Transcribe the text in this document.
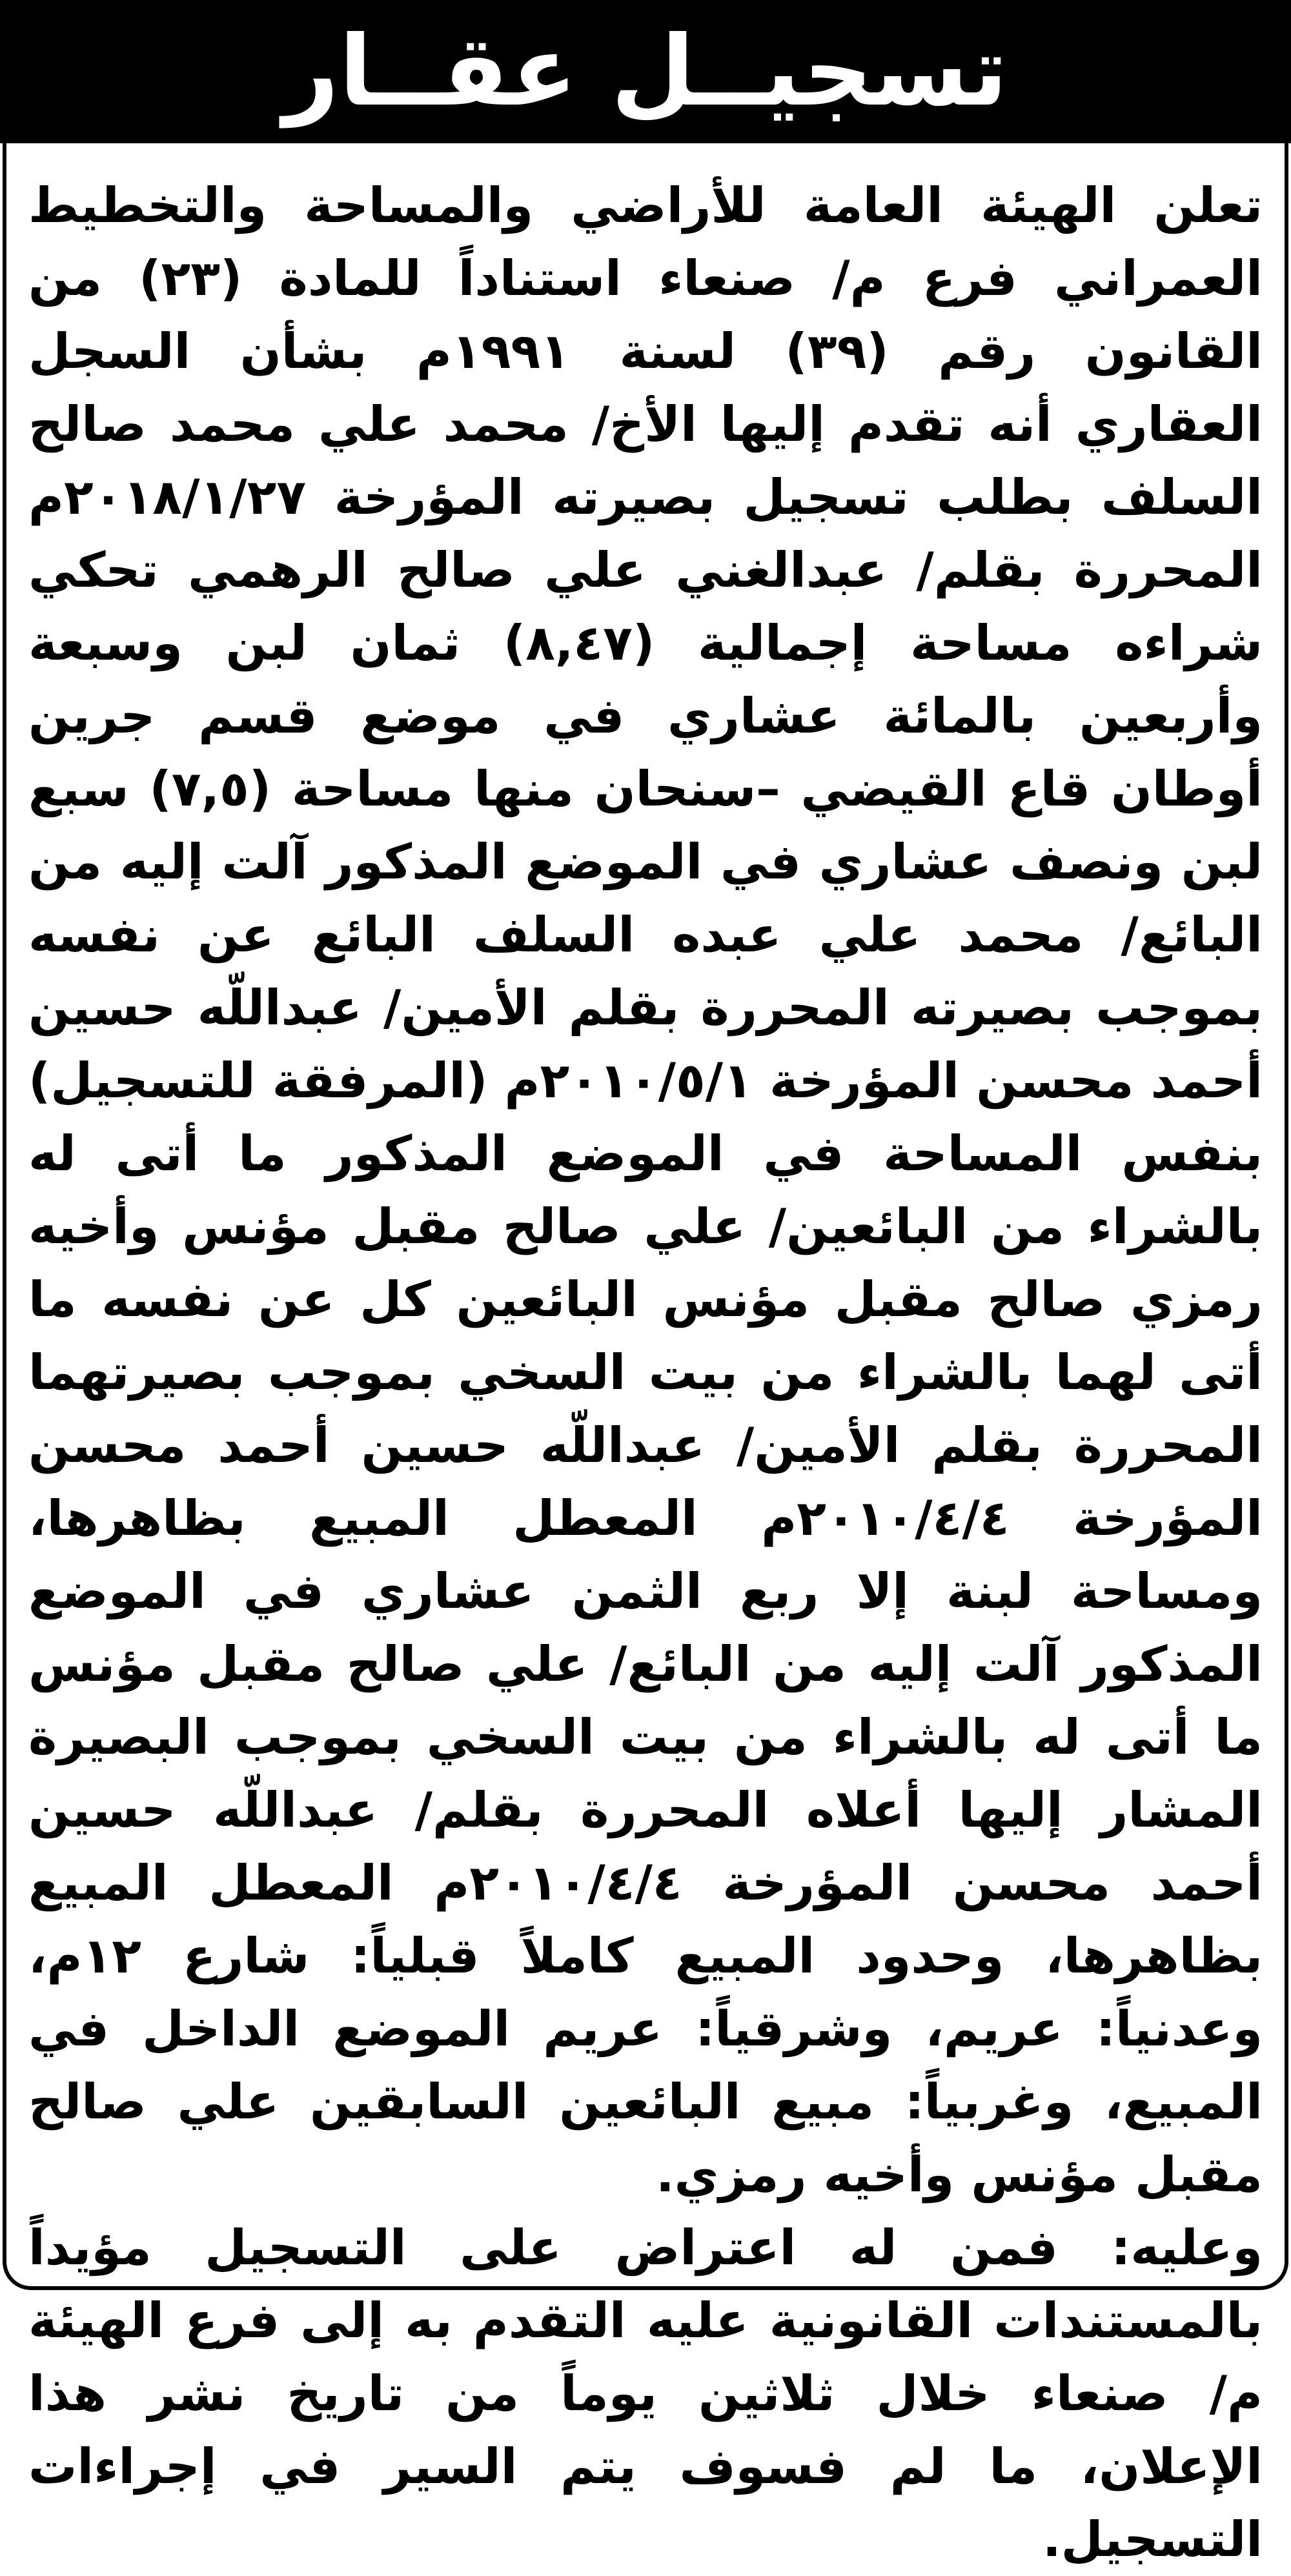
تسجيــل عقــار

تعلن الهيئة العامة للأراضي والمساحة والتخطيط العمراني فرع م/ صنعاء استناداً للمادة (٢٣) من القانون رقم (٣٩) لسنة ١٩٩١م بشأن السجل العقاري أنه تقدم إليها الأخ/ محمد علي محمد صالح السلف بطلب تسجيل بصيرته المؤرخة ٢٠١٨/١/٢٧م المحررة بقلم/ عبدالغني علي صالح الرهمي تحكي شراءه مساحة إجمالية (٨,٤٧) ثمان لبن وسبعة وأربعين بالمائة عشاري في موضع قسم جرين أوطان قاع القيضي –سنحان منها مساحة (٧,٥) سبع لبن ونصف عشاري في الموضع المذكور آلت إليه من البائع/ محمد علي عبده السلف البائع عن نفسه بموجب بصيرته المحررة بقلم الأمين/ عبداللّه حسين أحمد محسن المؤرخة ٢٠١٠/٥/١م (المرفقة للتسجيل) بنفس المساحة في الموضع المذكور ما أتى له بالشراء من البائعين/ علي صالح مقبل مؤنس وأخيه رمزي صالح مقبل مؤنس البائعين كل عن نفسه ما أتى لهما بالشراء من بيت السخي بموجب بصيرتهما المحررة بقلم الأمين/ عبداللّه حسين أحمد محسن المؤرخة ٢٠١٠/٤/٤م المعطل المبيع بظاهرها، ومساحة لبنة إلا ربع الثمن عشاري في الموضع المذكور آلت إليه من البائع/ علي صالح مقبل مؤنس ما أتى له بالشراء من بيت السخي بموجب البصيرة المشار إليها أعلاه المحررة بقلم/ عبداللّه حسين أحمد محسن المؤرخة ٢٠١٠/٤/٤م المعطل المبيع بظاهرها، وحدود المبيع كاملاً قبلياً: شارع ١٢م، وعدنياً: عريم، وشرقياً: عريم الموضع الداخل في المبيع، وغربياً: مبيع البائعين السابقين علي صالح مقبل مؤنس وأخيه رمزي.

وعليه: فمن له اعتراض على التسجيل مؤيداً بالمستندات القانونية عليه التقدم به إلى فرع الهيئة م/ صنعاء خلال ثلاثين يوماً من تاريخ نشر هذا الإعلان، ما لم فسوف يتم السير في إجراءات التسجيل.
